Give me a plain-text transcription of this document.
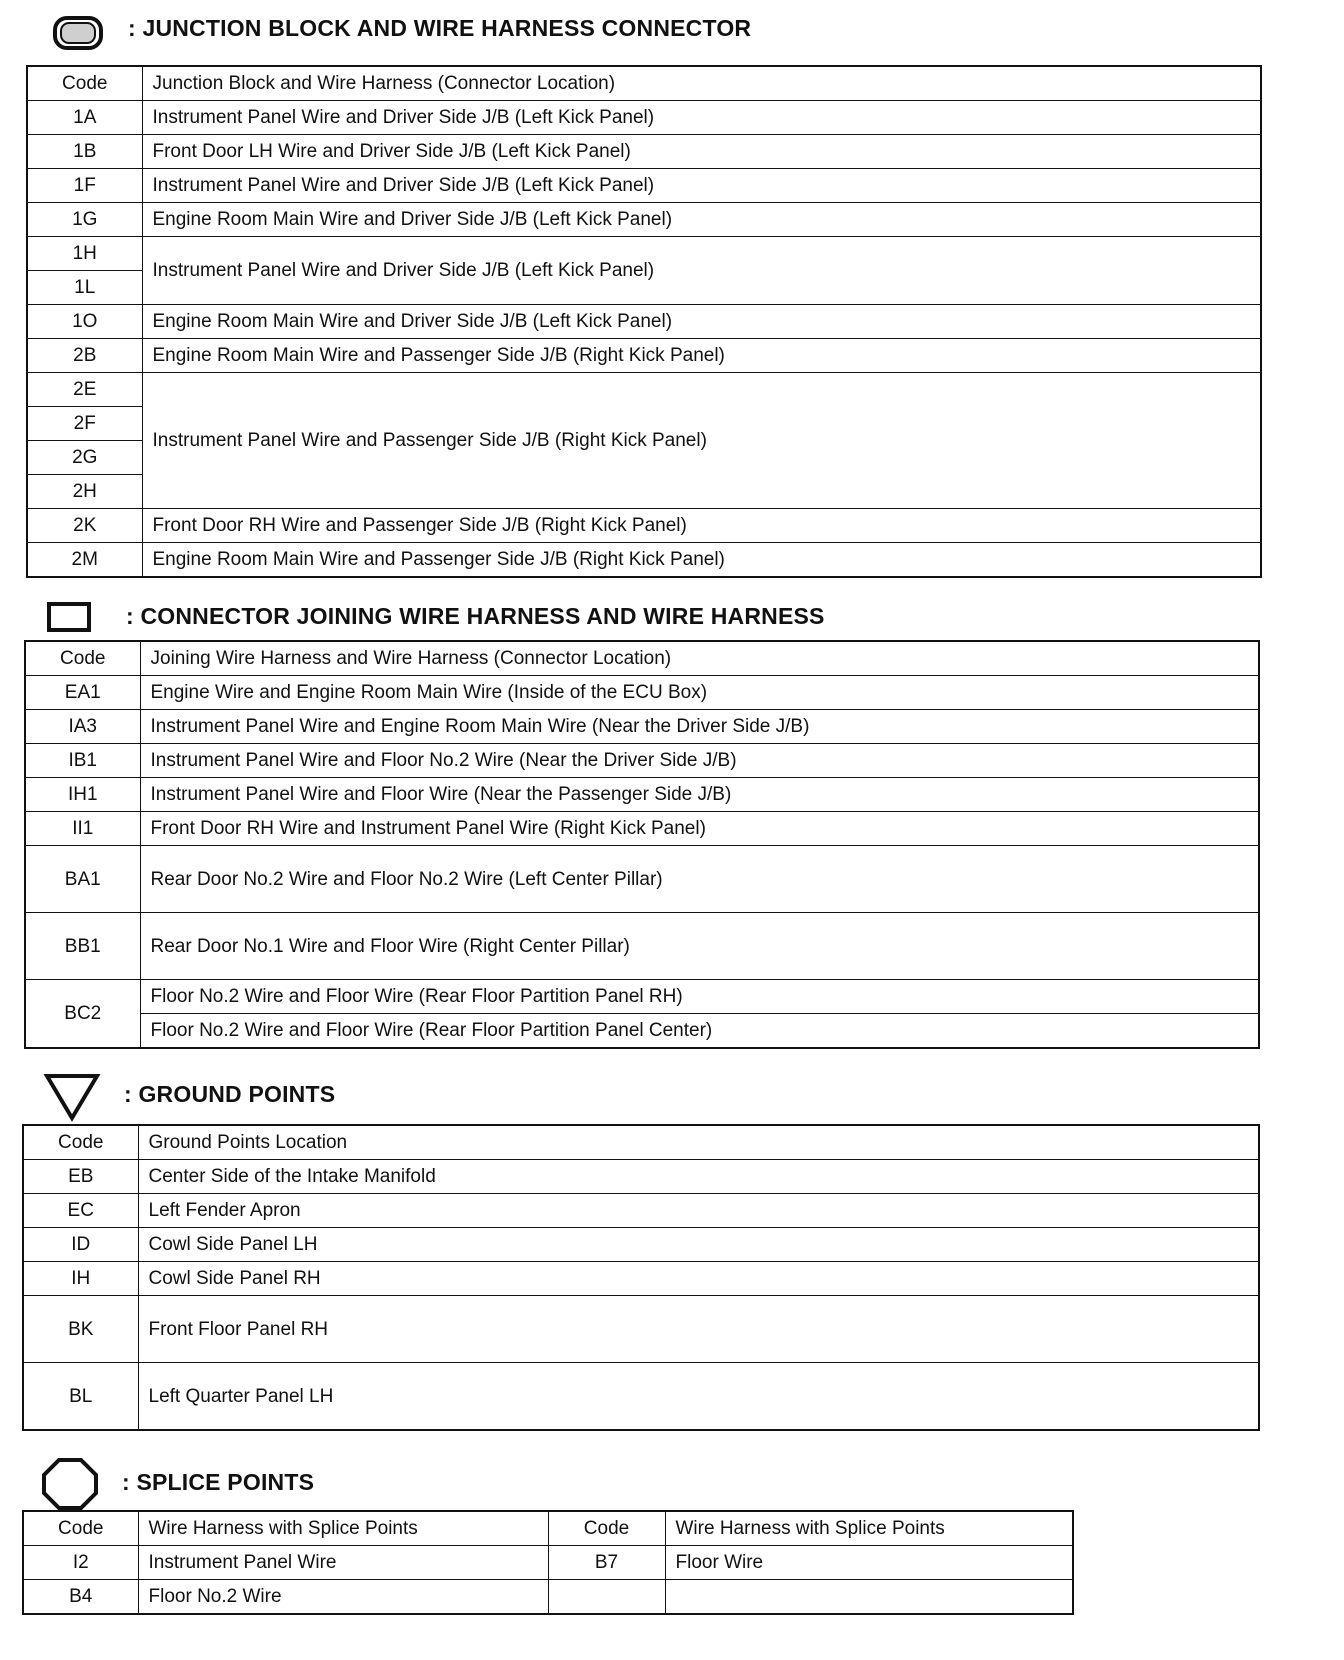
: JUNCTION BLOCK AND WIRE HARNESS CONNECTOR
Code	Junction Block and Wire Harness (Connector Location)
1A	Instrument Panel Wire and Driver Side J/B (Left Kick Panel)
1B	Front Door LH Wire and Driver Side J/B (Left Kick Panel)
1F	Instrument Panel Wire and Driver Side J/B (Left Kick Panel)
1G	Engine Room Main Wire and Driver Side J/B (Left Kick Panel)
1H	Instrument Panel Wire and Driver Side J/B (Left Kick Panel)
1L	
1O	Engine Room Main Wire and Driver Side J/B (Left Kick Panel)
2B	Engine Room Main Wire and Passenger Side J/B (Right Kick Panel)
2E	Instrument Panel Wire and Passenger Side J/B (Right Kick Panel)
2F	
2G	
2H	
2K	Front Door RH Wire and Passenger Side J/B (Right Kick Panel)
2M	Engine Room Main Wire and Passenger Side J/B (Right Kick Panel)
: CONNECTOR JOINING WIRE HARNESS AND WIRE HARNESS
Code	Joining Wire Harness and Wire Harness (Connector Location)
EA1	Engine Wire and Engine Room Main Wire (Inside of the ECU Box)
IA3	Instrument Panel Wire and Engine Room Main Wire (Near the Driver Side J/B)
IB1	Instrument Panel Wire and Floor No.2 Wire (Near the Driver Side J/B)
IH1	Instrument Panel Wire and Floor Wire (Near the Passenger Side J/B)
II1	Front Door RH Wire and Instrument Panel Wire (Right Kick Panel)
BA1	Rear Door No.2 Wire and Floor No.2 Wire (Left Center Pillar)
BB1	Rear Door No.1 Wire and Floor Wire (Right Center Pillar)
BC2	Floor No.2 Wire and Floor Wire (Rear Floor Partition Panel RH)
	Floor No.2 Wire and Floor Wire (Rear Floor Partition Panel Center)
: GROUND POINTS
Code	Ground Points Location
EB	Center Side of the Intake Manifold
EC	Left Fender Apron
ID	Cowl Side Panel LH
IH	Cowl Side Panel RH
BK	Front Floor Panel RH
BL	Left Quarter Panel LH
: SPLICE POINTS
Code	Wire Harness with Splice Points	Code	Wire Harness with Splice Points
I2	Instrument Panel Wire	B7	Floor Wire
B4	Floor No.2 Wire		
